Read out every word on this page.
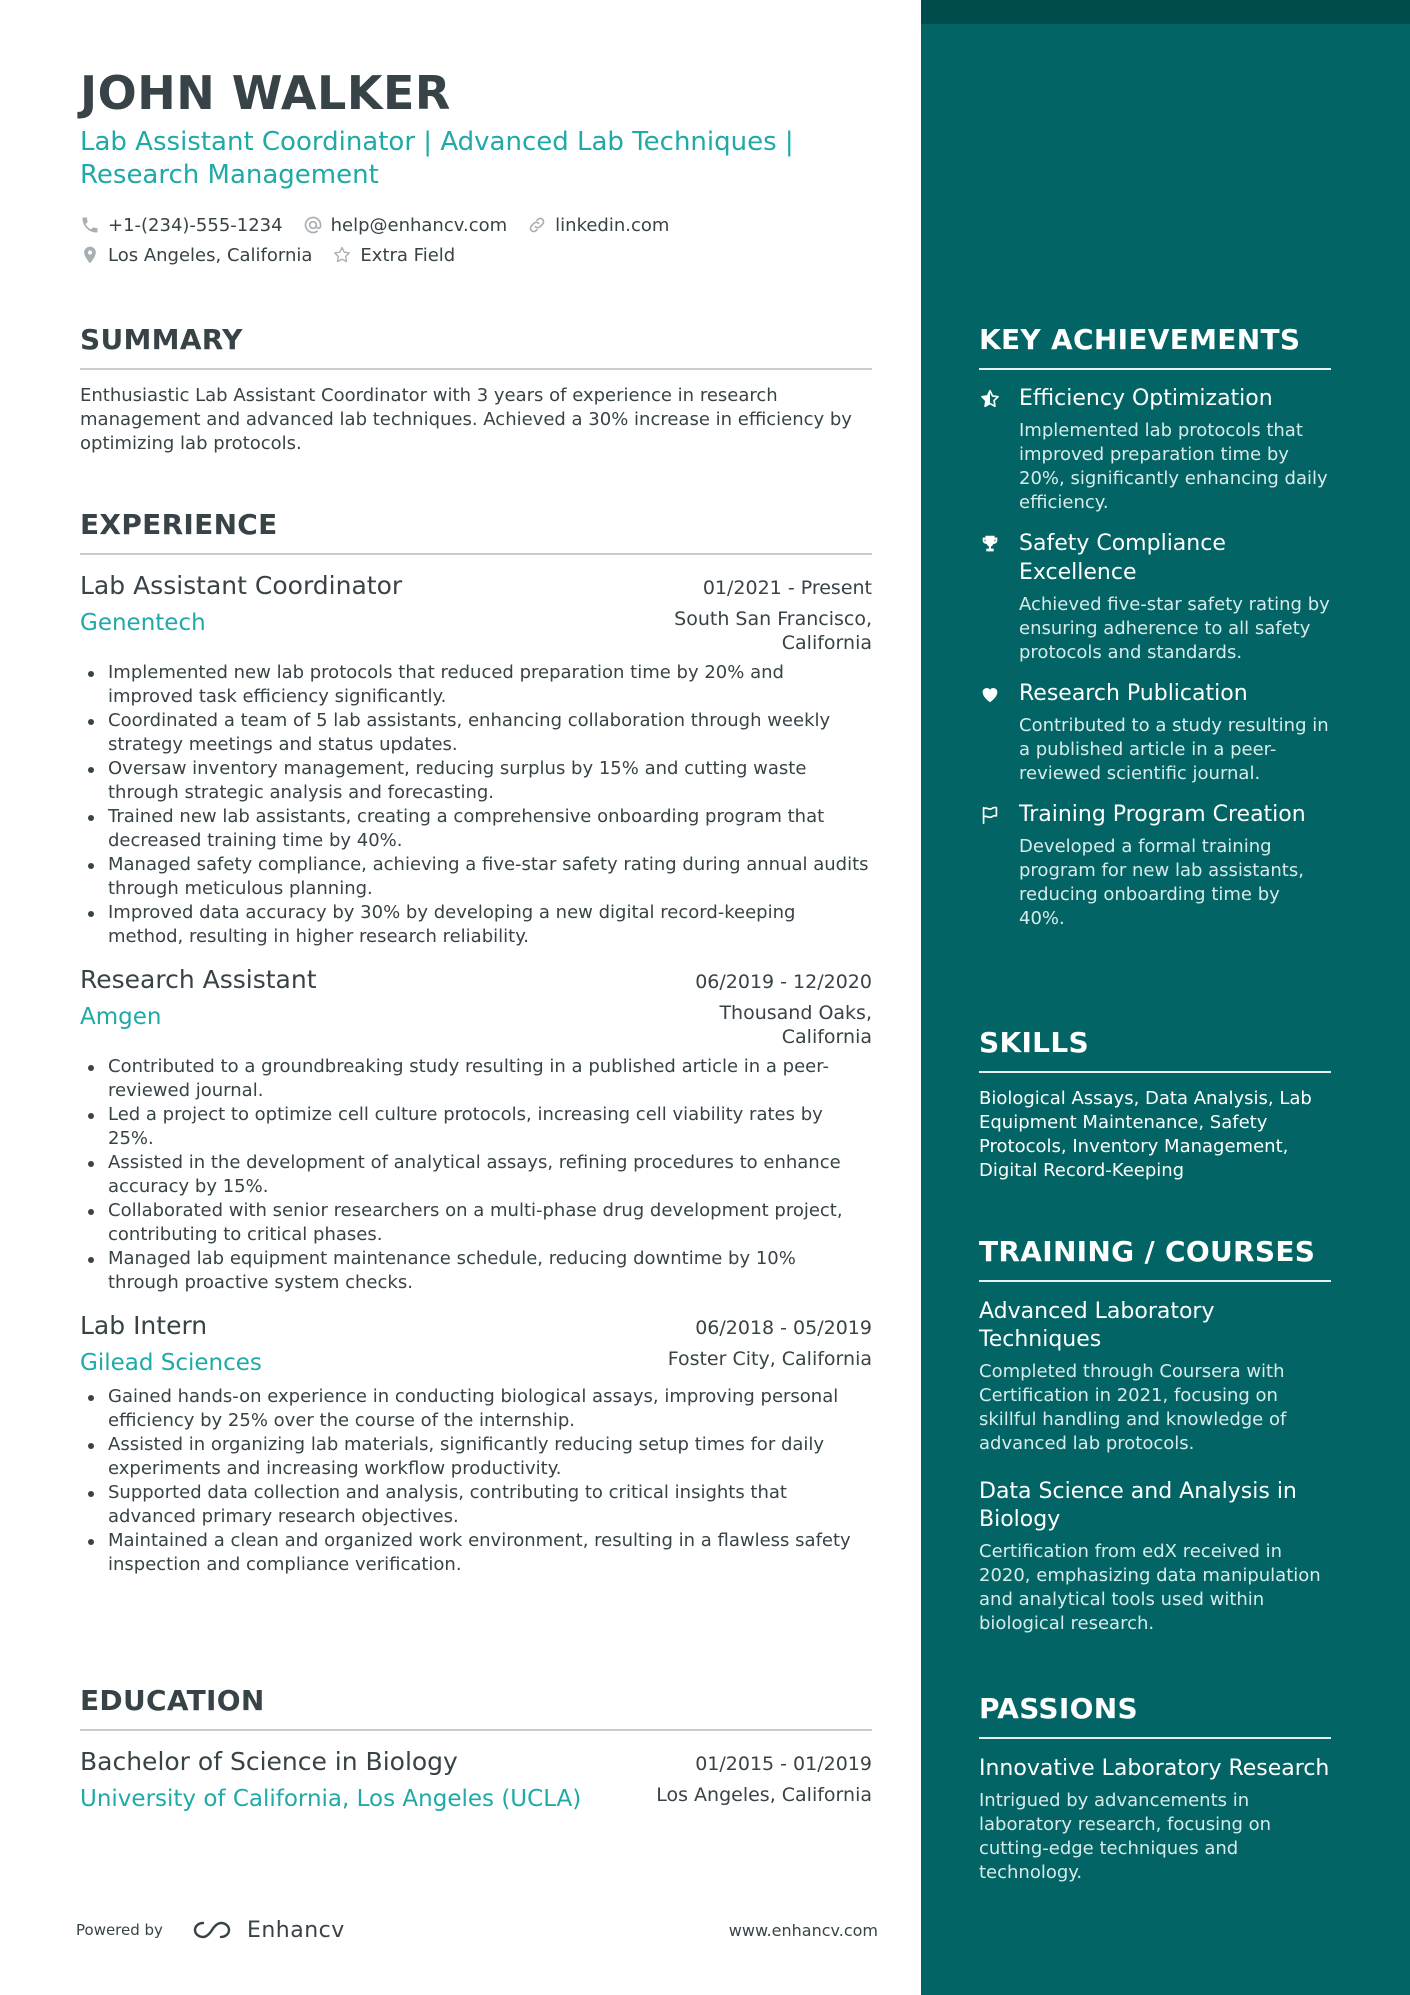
JOHN WALKER
Lab Assistant Coordinator | Advanced Lab Techniques | Research Management
+1-(234)-555-1234	help@enhancv.com	linkedin.com
Los Angeles, California	Extra Field
SUMMARY

Enthusiastic Lab Assistant Coordinator with 3 years of experience in research management and advanced lab techniques. Achieved a 30% increase in efficiency by optimizing lab protocols.

EXPERIENCE
Lab Assistant Coordinator	01/2021 - Present
Genentech	South San Francisco, California
Implemented new lab protocols that reduced preparation time by 20% and improved task efficiency significantly.
Coordinated a team of 5 lab assistants, enhancing collaboration through weekly strategy meetings and status updates.
Oversaw inventory management, reducing surplus by 15% and cutting waste through strategic analysis and forecasting.
Trained new lab assistants, creating a comprehensive onboarding program that decreased training time by 40%.
Managed safety compliance, achieving a five-star safety rating during annual audits through meticulous planning.
Improved data accuracy by 30% by developing a new digital record-keeping method, resulting in higher research reliability.
Research Assistant	06/2019 - 12/2020
Amgen	Thousand Oaks, California
Contributed to a groundbreaking study resulting in a published article in a peer-reviewed journal.
Led a project to optimize cell culture protocols, increasing cell viability rates by 25%.
Assisted in the development of analytical assays, refining procedures to enhance accuracy by 15%.
Collaborated with senior researchers on a multi-phase drug development project, contributing to critical phases.
Managed lab equipment maintenance schedule, reducing downtime by 10% through proactive system checks.
Lab Intern	06/2018 - 05/2019
Gilead Sciences	Foster City, California
Gained hands-on experience in conducting biological assays, improving personal efficiency by 25% over the course of the internship.
Assisted in organizing lab materials, significantly reducing setup times for daily experiments and increasing workflow productivity.
Supported data collection and analysis, contributing to critical insights that advanced primary research objectives.
Maintained a clean and organized work environment, resulting in a flawless safety inspection and compliance verification.
EDUCATION
Bachelor of Science in Biology	01/2015 - 01/2019
University of California, Los Angeles (UCLA)	Los Angeles, California
Powered by	Enhancv	www.enhancv.com
KEY ACHIEVEMENTS
Efficiency Optimization
Implemented lab protocols that improved preparation time by 20%, significantly enhancing daily efficiency.
Safety Compliance Excellence
Achieved five-star safety rating by ensuring adherence to all safety protocols and standards.
Research Publication
Contributed to a study resulting in a published article in a peer-reviewed scientific journal.
Training Program Creation
Developed a formal training program for new lab assistants, reducing onboarding time by 40%.
SKILLS

Biological Assays, Data Analysis, Lab Equipment Maintenance, Safety Protocols, Inventory Management, Digital Record-Keeping

TRAINING / COURSES
Advanced Laboratory Techniques
Completed through Coursera with Certification in 2021, focusing on skillful handling and knowledge of advanced lab protocols.
Data Science and Analysis in Biology
Certification from edX received in 2020, emphasizing data manipulation and analytical tools used within biological research.
PASSIONS
Innovative Laboratory Research
Intrigued by advancements in laboratory research, focusing on cutting-edge techniques and technology.
